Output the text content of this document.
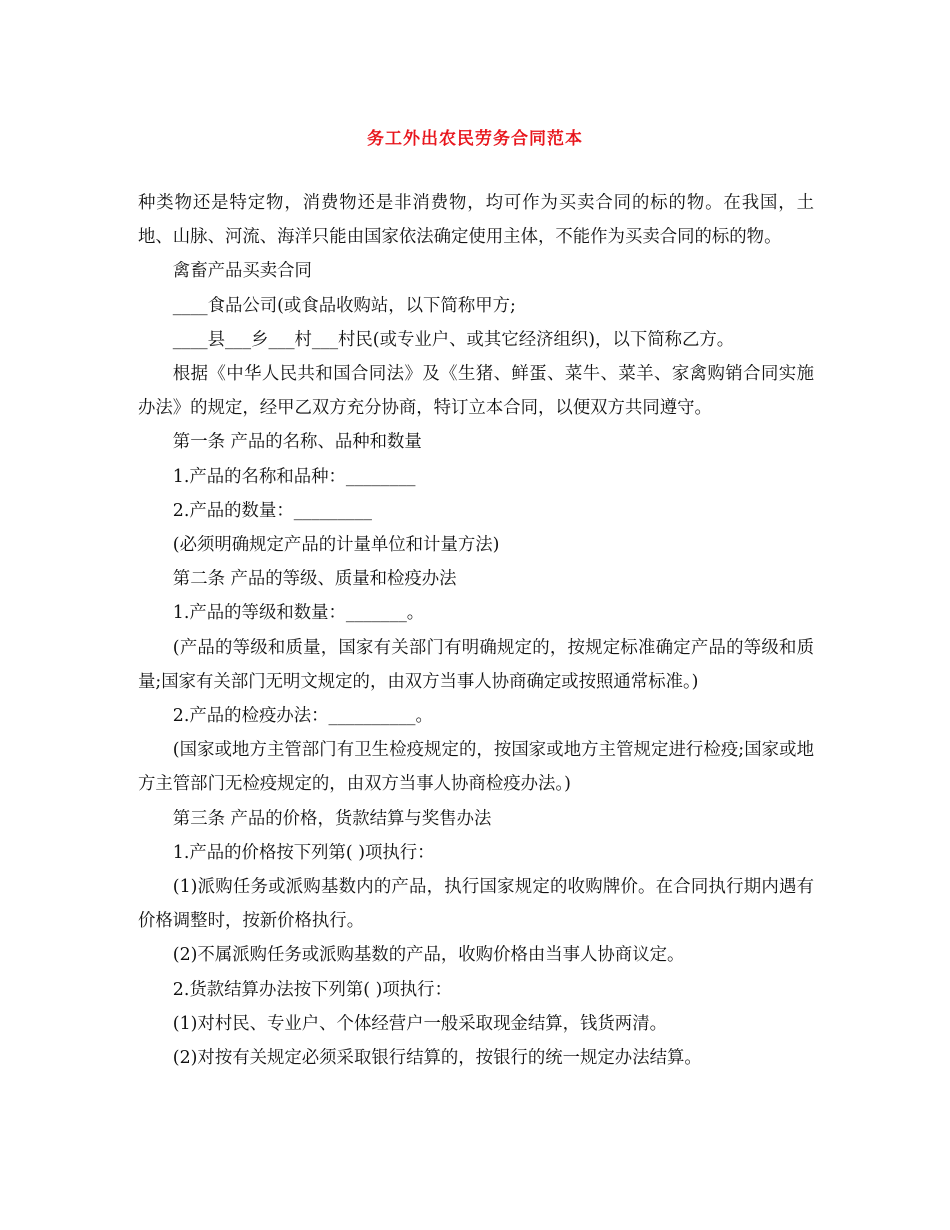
务工外出农民劳务合同范本

种类物还是特定物，消费物还是非消费物，均可作为买卖合同的标的物。在我国，土地、山脉、河流、海洋只能由国家依法确定使用主体，不能作为买卖合同的标的物。

禽畜产品买卖合同

____食品公司(或食品收购站，以下简称甲方;

____县___乡___村___村民(或专业户、或其它经济组织)，以下简称乙方。

根据《中华人民共和国合同法》及《生猪、鲜蛋、菜牛、菜羊、家禽购销合同实施办法》的规定，经甲乙双方充分协商，特订立本合同，以便双方共同遵守。

第一条 产品的名称、品种和数量

1.产品的名称和品种：________

2.产品的数量：_________

(必须明确规定产品的计量单位和计量方法)

第二条 产品的等级、质量和检疫办法

1.产品的等级和数量：_______。

(产品的等级和质量，国家有关部门有明确规定的，按规定标准确定产品的等级和质量;国家有关部门无明文规定的，由双方当事人协商确定或按照通常标准。)

2.产品的检疫办法：__________。

(国家或地方主管部门有卫生检疫规定的，按国家或地方主管规定进行检疫;国家或地方主管部门无检疫规定的，由双方当事人协商检疫办法。)

第三条 产品的价格，货款结算与奖售办法

1.产品的价格按下列第( )项执行：

(1)派购任务或派购基数内的产品，执行国家规定的收购牌价。在合同执行期内遇有价格调整时，按新价格执行。

(2)不属派购任务或派购基数的产品，收购价格由当事人协商议定。

2.货款结算办法按下列第( )项执行：

(1)对村民、专业户、个体经营户一般采取现金结算，钱货两清。

(2)对按有关规定必须采取银行结算的，按银行的统一规定办法结算。
